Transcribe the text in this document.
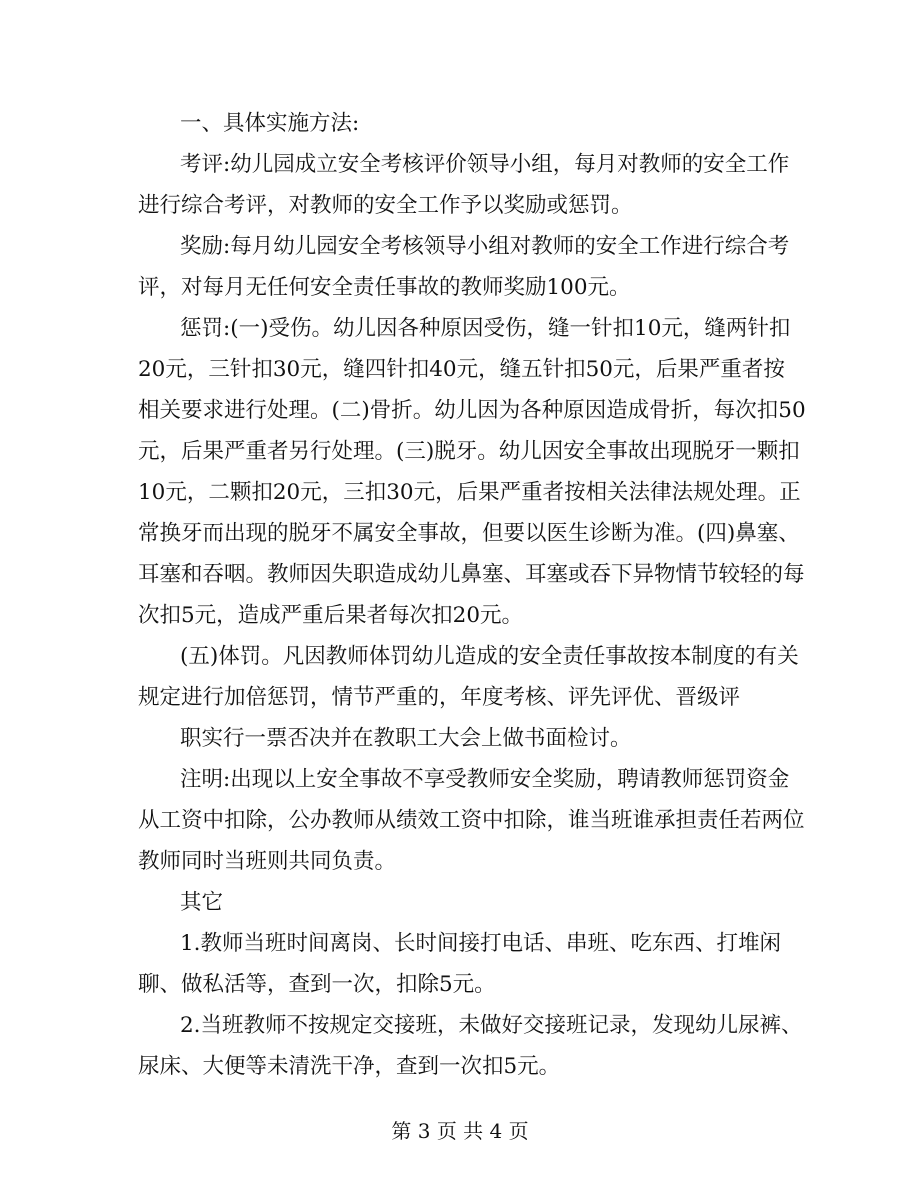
一、具体实施方法:
考评:幼儿园成立安全考核评价领导小组，每月对教师的安全工作
进行综合考评，对教师的安全工作予以奖励或惩罚。
奖励:每月幼儿园安全考核领导小组对教师的安全工作进行综合考
评，对每月无任何安全责任事故的教师奖励100元。
惩罚:(一)受伤。幼儿因各种原因受伤，缝一针扣10元，缝两针扣
20元，三针扣30元，缝四针扣40元，缝五针扣50元，后果严重者按
相关要求进行处理。(二)骨折。幼儿因为各种原因造成骨折，每次扣50
元，后果严重者另行处理。(三)脱牙。幼儿因安全事故出现脱牙一颗扣
10元，二颗扣20元，三扣30元，后果严重者按相关法律法规处理。正
常换牙而出现的脱牙不属安全事故，但要以医生诊断为准。(四)鼻塞、
耳塞和吞咽。教师因失职造成幼儿鼻塞、耳塞或吞下异物情节较轻的每
次扣5元，造成严重后果者每次扣20元。
(五)体罚。凡因教师体罚幼儿造成的安全责任事故按本制度的有关
规定进行加倍惩罚，情节严重的，年度考核、评先评优、晋级评
职实行一票否决并在教职工大会上做书面检讨。
注明:出现以上安全事故不享受教师安全奖励，聘请教师惩罚资金
从工资中扣除，公办教师从绩效工资中扣除，谁当班谁承担责任若两位
教师同时当班则共同负责。
其它
1.教师当班时间离岗、长时间接打电话、串班、吃东西、打堆闲
聊、做私活等，查到一次，扣除5元。
2.当班教师不按规定交接班，未做好交接班记录，发现幼儿尿裤、
尿床、大便等未清洗干净，查到一次扣5元。
第 3 页 共 4 页
